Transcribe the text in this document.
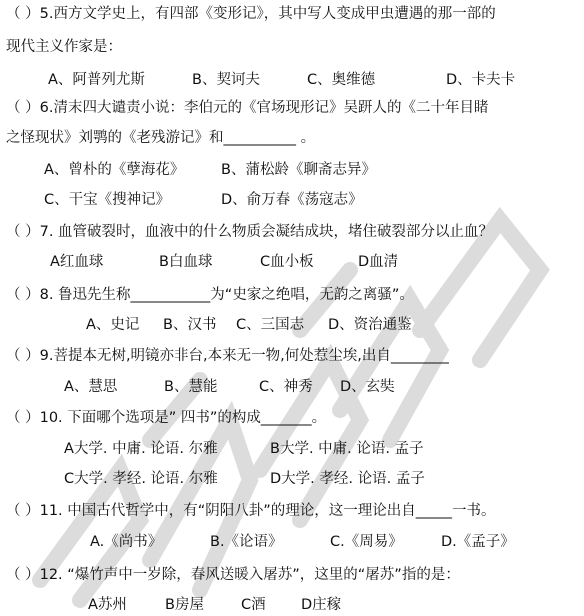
（ ）5.西方文学史上，有四部《变形记》，其中写人变成甲虫遭遇的那一部的
现代主义作家是：
A、阿普列尤斯	B、契诃夫	C、奥维德	D、卡夫卡
（ ）6.清末四大谴责小说：李伯元的《官场现形记》吴趼人的《二十年目睹
之怪现状》刘鹗的《老残游记》和__________ 。
A、曾朴的《孽海花》	B、蒲松龄《聊斋志异》
C、干宝《搜神记》	D、俞万春《荡寇志》
（ ）7. 血管破裂时，血液中的什么物质会凝结成块，堵住破裂部分以止血？
A红血球	B白血球	C血小板	D血清
（ ）8. 鲁迅先生称___________为“史家之绝唱，无韵之离骚”。
A、史记 B、汉书 C、三国志 D、资治通鉴
（ ）9.菩提本无树,明镜亦非台,本来无一物,何处惹尘埃,出自________
A、慧思	B、慧能	C、神秀 D、玄奘
（ ）10. 下面哪个选项是” 四书”的构成_______。
A大学. 中庸. 论语. 尔雅	B大学. 中庸. 论语. 孟子
C大学. 孝经. 论语. 尔雅	D大学. 孝经. 论语. 孟子
（ ）11. 中国古代哲学中，有“阴阳八卦”的理论，这一理论出自_____一书。
A.《尚书》	B.《论语》	C.《周易》	D.《孟子》
（ ）12. “爆竹声中一岁除，春风送暖入屠苏”，这里的“屠苏”指的是：
A苏州	B房屋	C酒 D庄稼
